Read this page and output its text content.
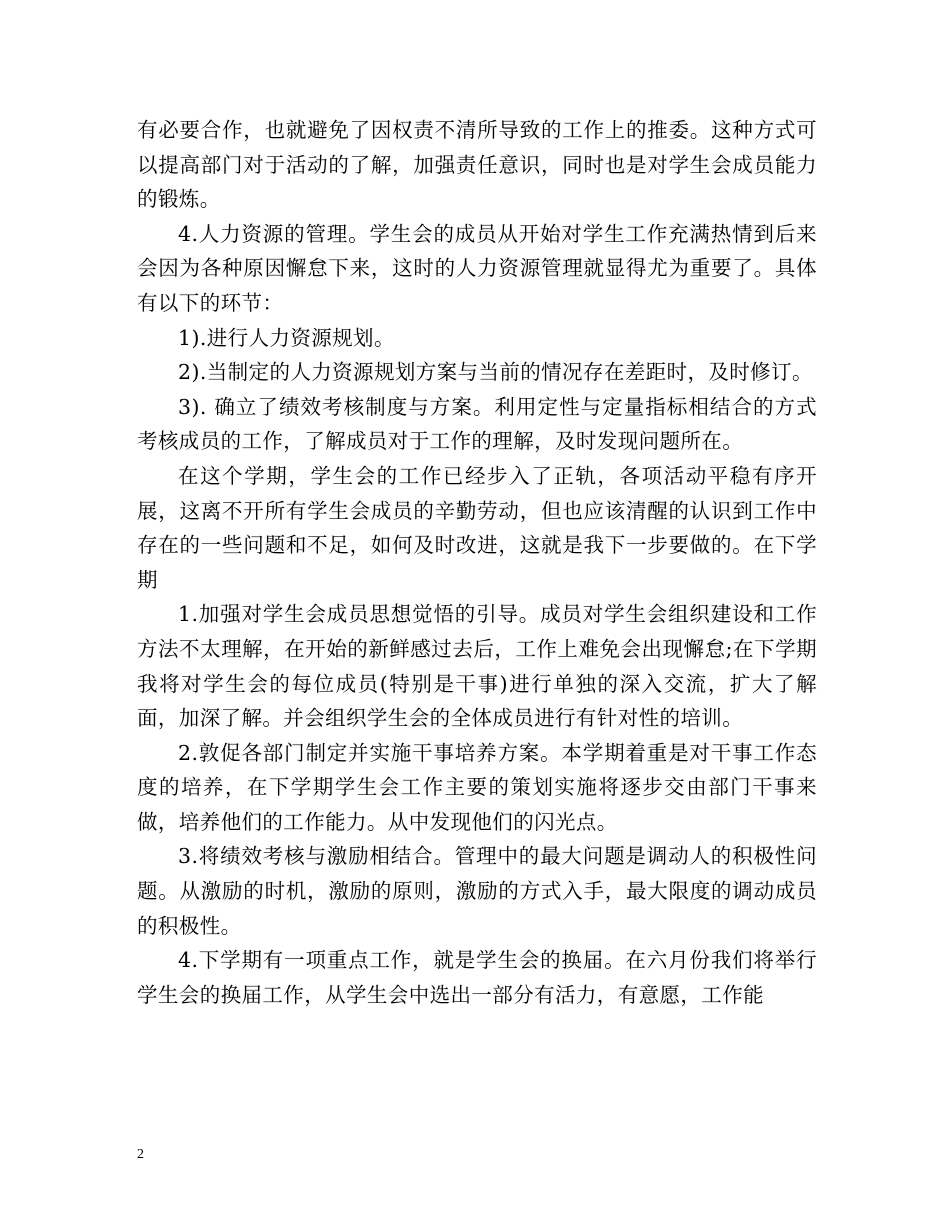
有必要合作，也就避免了因权责不清所导致的工作上的推委。这种方式可以提高部门对于活动的了解，加强责任意识，同时也是对学生会成员能力的锻炼。

4.人力资源的管理。学生会的成员从开始对学生工作充满热情到后来会因为各种原因懈怠下来，这时的人力资源管理就显得尤为重要了。具体有以下的环节：

1).进行人力资源规划。

2).当制定的人力资源规划方案与当前的情况存在差距时，及时修订。

3). 确立了绩效考核制度与方案。利用定性与定量指标相结合的方式考核成员的工作，了解成员对于工作的理解，及时发现问题所在。

在这个学期，学生会的工作已经步入了正轨，各项活动平稳有序开展，这离不开所有学生会成员的辛勤劳动，但也应该清醒的认识到工作中存在的一些问题和不足，如何及时改进，这就是我下一步要做的。在下学期

1.加强对学生会成员思想觉悟的引导。成员对学生会组织建设和工作方法不太理解，在开始的新鲜感过去后，工作上难免会出现懈怠;在下学期我将对学生会的每位成员(特别是干事)进行单独的深入交流，扩大了解面，加深了解。并会组织学生会的全体成员进行有针对性的培训。

2.敦促各部门制定并实施干事培养方案。本学期着重是对干事工作态度的培养，在下学期学生会工作主要的策划实施将逐步交由部门干事来做，培养他们的工作能力。从中发现他们的闪光点。

3.将绩效考核与激励相结合。管理中的最大问题是调动人的积极性问题。从激励的时机，激励的原则，激励的方式入手，最大限度的调动成员的积极性。

4.下学期有一项重点工作，就是学生会的换届。在六月份我们将举行学生会的换届工作，从学生会中选出一部分有活力，有意愿，工作能

2
